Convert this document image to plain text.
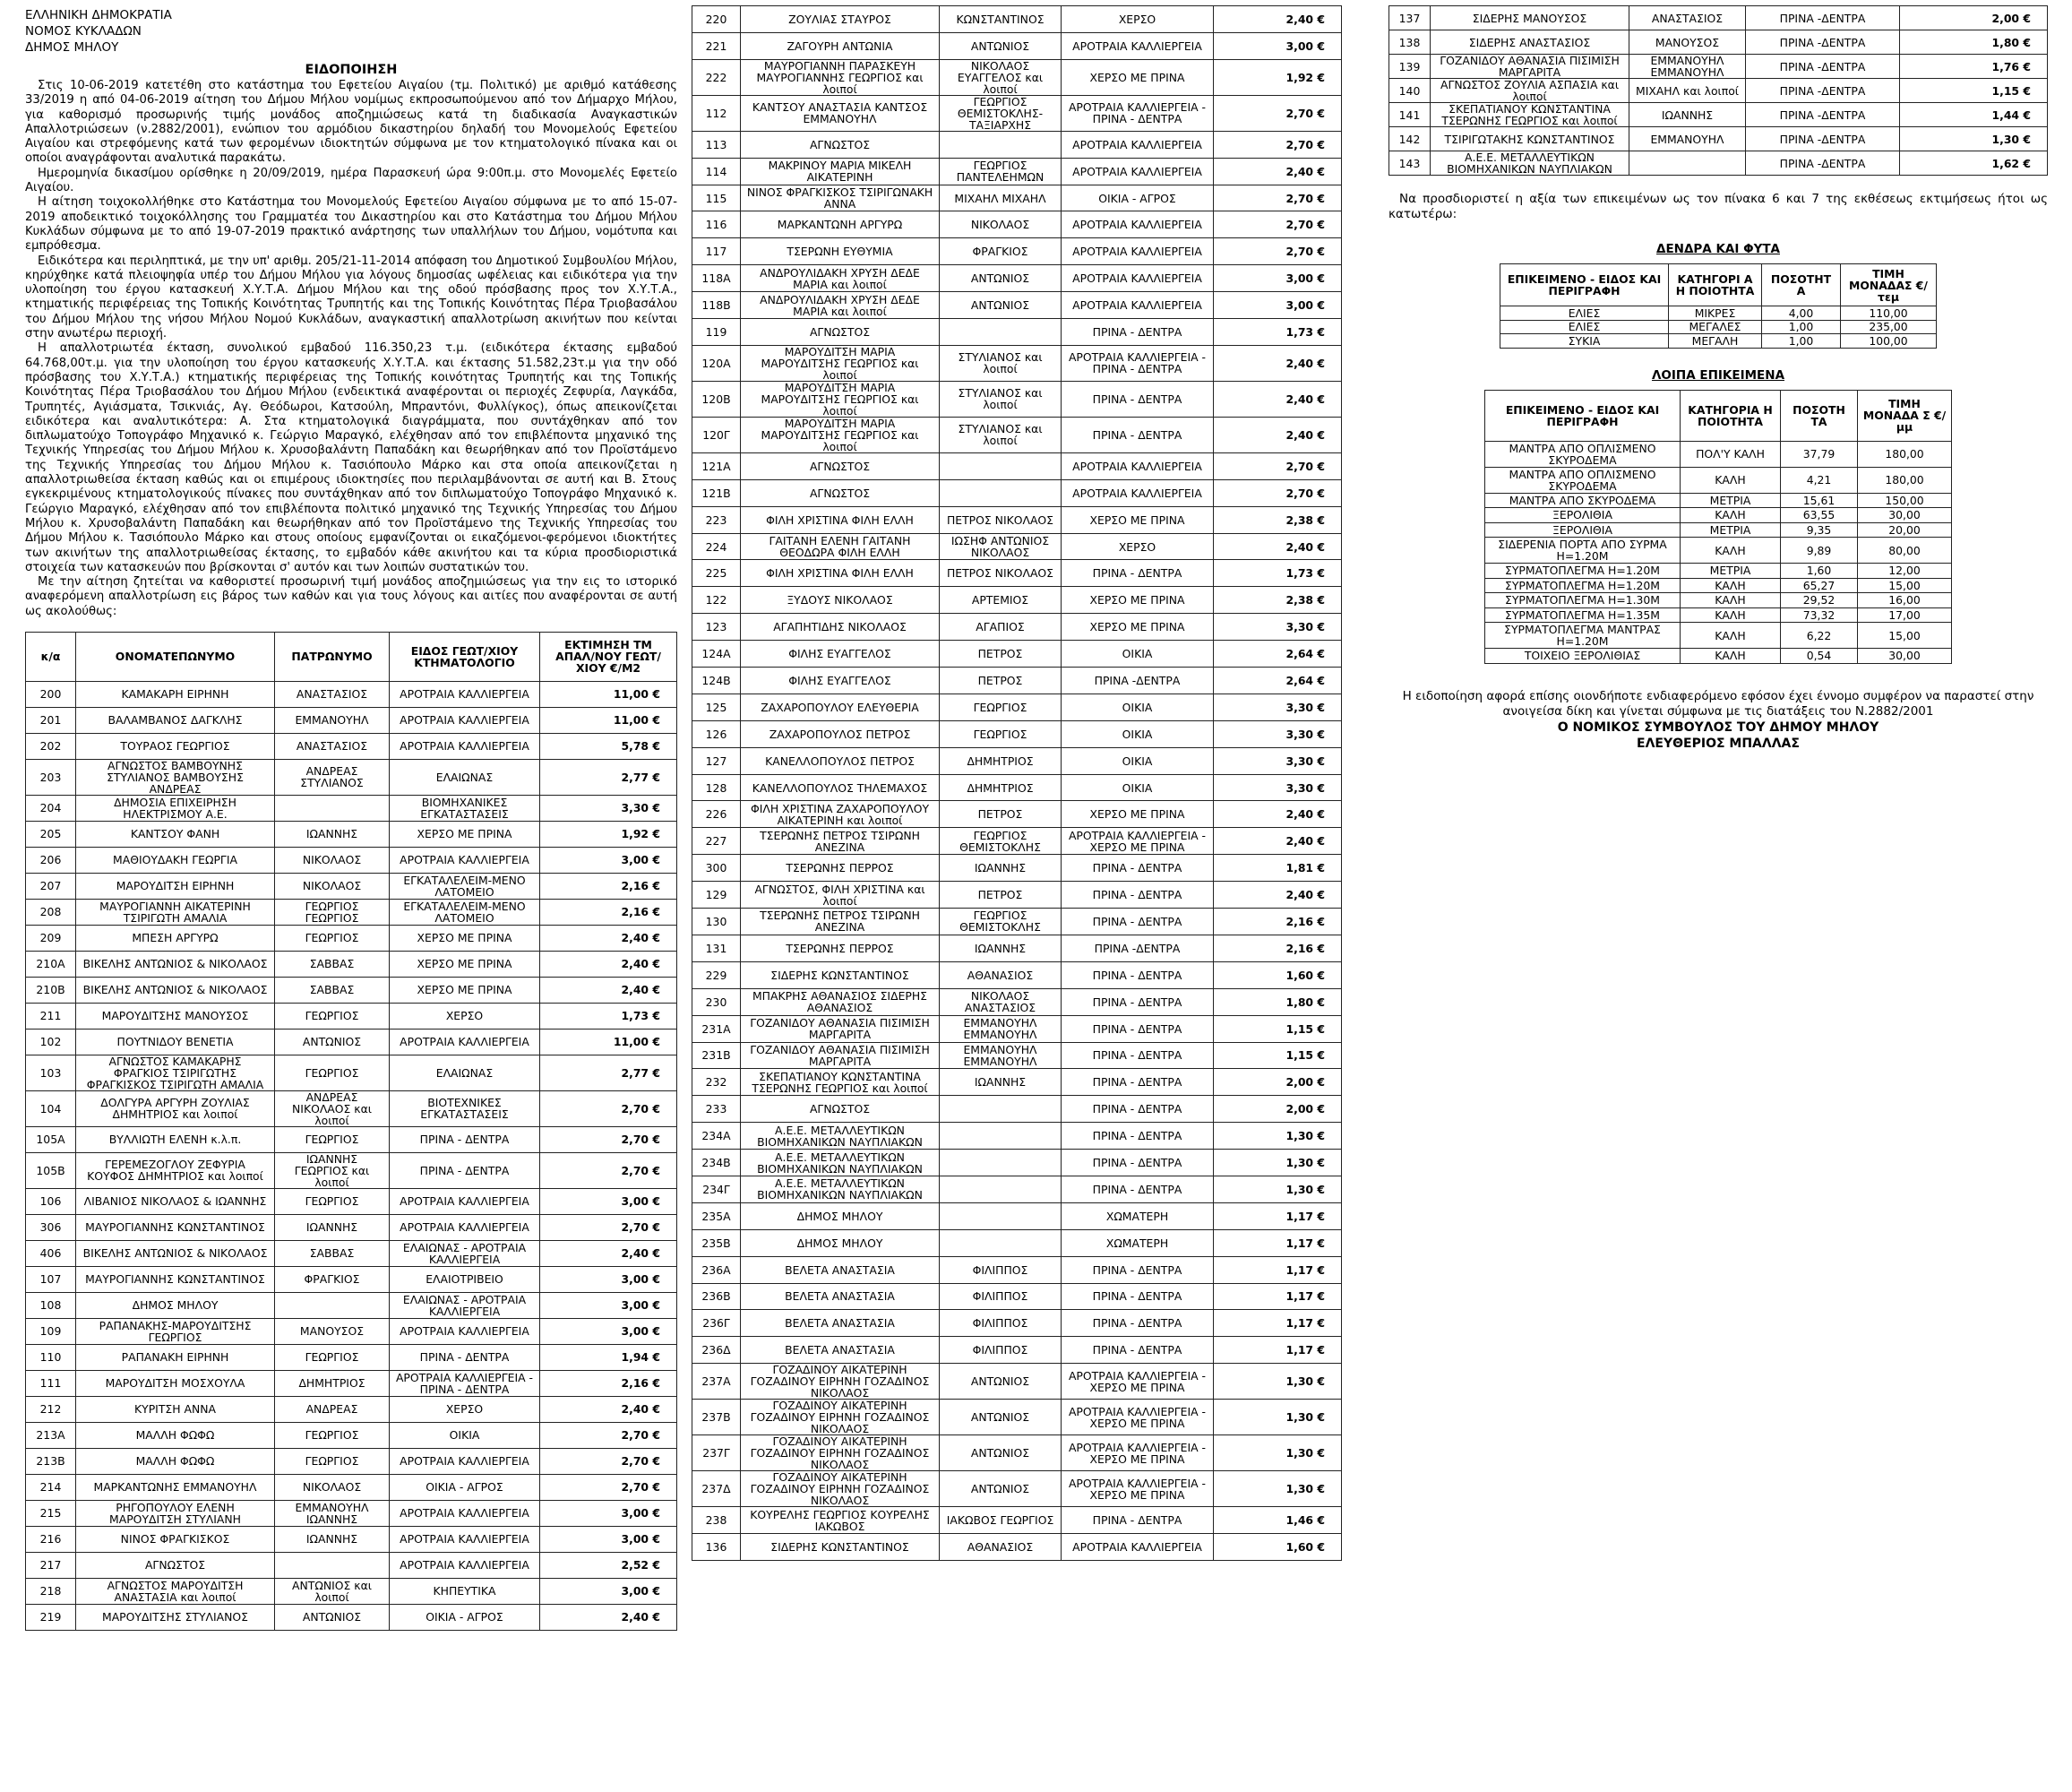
ΕΛΛΗΝΙΚΗ ΔΗΜΟΚΡΑΤΙΑ
ΝΟΜΟΣ ΚΥΚΛΑΔΩΝ
ΔΗΜΟΣ ΜΗΛΟΥ
ΕΙΔΟΠΟΙΗΣΗ

Στις 10-06-2019 κατετέθη στο κατάστημα του Εφετείου Αιγαίου (τμ. Πολιτικό) με αριθμό κατάθεσης 33/2019 η από 04-06-2019 αίτηση του Δήμου Μήλου νομίμως εκπροσωπούμενου από τον Δήμαρχο Μήλου, για καθορισμό προσωρινής τιμής μονάδος αποζημιώσεως κατά τη διαδικασία Αναγκαστικών Απαλλοτριώσεων (ν.2882/2001), ενώπιον του αρμόδιου δικαστηρίου δηλαδή του Μονομελούς Εφετείου Αιγαίου και στρεφόμενης κατά των φερομένων ιδιοκτητών σύμφωνα με τον κτηματολογικό πίνακα και οι οποίοι αναγράφονται αναλυτικά παρακάτω.

Ημερομηνία δικασίμου ορίσθηκε η 20/09/2019, ημέρα Παρασκευή ώρα 9:00π.μ. στο Μονομελές Εφετείο Αιγαίου.

Η αίτηση τοιχοκολλήθηκε στο Κατάστημα του Μονομελούς Εφετείου Αιγαίου σύμφωνα με το από 15-07-2019 αποδεικτικό τοιχοκόλλησης του Γραμματέα του Δικαστηρίου και στο Κατάστημα του Δήμου Μήλου Κυκλάδων σύμφωνα με το από 19-07-2019 πρακτικό ανάρτησης των υπαλλήλων του Δήμου, νομότυπα και εμπρόθεσμα.

Ειδικότερα και περιληπτικά, με την υπ' αριθμ. 205/21-11-2014 απόφαση του Δημοτικού Συμβουλίου Μήλου, κηρύχθηκε κατά πλειοψηφία υπέρ του Δήμου Μήλου για λόγους δημοσίας ωφέλειας και ειδικότερα για την υλοποίηση του έργου κατασκευή Χ.Υ.Τ.Α. Δήμου Μήλου και της οδού πρόσβασης προς τον Χ.Υ.Τ.Α., κτηματικής περιφέρειας της Τοπικής Κοινότητας Τρυπητής και της Τοπικής Κοινότητας Πέρα Τριοβασάλου του Δήμου Μήλου της νήσου Μήλου Νομού Κυκλάδων, αναγκαστική απαλλοτρίωση ακινήτων που κείνται στην ανωτέρω περιοχή.

Η απαλλοτριωτέα έκταση, συνολικού εμβαδού 116.350,23 τ.μ. (ειδικότερα έκτασης εμβαδού 64.768,00τ.μ. για την υλοποίηση του έργου κατασκευής Χ.Υ.Τ.Α. και έκτασης 51.582,23τ.μ για την οδό πρόσβασης του Χ.Υ.Τ.Α.) κτηματικής περιφέρειας της Τοπικής κοινότητας Τρυπητής και της Τοπικής Κοινότητας Πέρα Τριοβασάλου του Δήμου Μήλου (ενδεικτικά αναφέρονται οι περιοχές Ζεφυρία, Λαγκάδα, Τρυπητές, Αγιάσματα, Τσικνιάς, Αγ. Θεόδωροι, Κατσούλη, Μπραντόνι, Φυλλίγκος), όπως απεικονίζεται ειδικότερα και αναλυτικότερα: Α. Στα κτηματολογικά διαγράμματα, που συντάχθηκαν από τον διπλωματούχο Τοπογράφο Μηχανικό κ. Γεώργιο Μαραγκό, ελέχθησαν από τον επιβλέποντα μηχανικό της Τεχνικής Υπηρεσίας του Δήμου Μήλου κ. Χρυσοβαλάντη Παπαδάκη και θεωρήθηκαν από τον Προϊστάμενο της Τεχνικής Υπηρεσίας του Δήμου Μήλου κ. Τασιόπουλο Μάρκο και στα οποία απεικονίζεται η απαλλοτριωθείσα έκταση καθώς και οι επιμέρους ιδιοκτησίες που περιλαμβάνονται σε αυτή και Β. Στους εγκεκριμένους κτηματολογικούς πίνακες που συντάχθηκαν από τον διπλωματούχο Τοπογράφο Μηχανικό κ. Γεώργιο Μαραγκό, ελέχθησαν από τον επιβλέποντα πολιτικό μηχανικό της Τεχνικής Υπηρεσίας του Δήμου Μήλου κ. Χρυσοβαλάντη Παπαδάκη και θεωρήθηκαν από τον Προϊστάμενο της Τεχνικής Υπηρεσίας του Δήμου Μήλου κ. Τασιόπουλο Μάρκο και στους οποίους εμφανίζονται οι εικαζόμενοι-φερόμενοι ιδιοκτήτες των ακινήτων της απαλλοτριωθείσας έκτασης, το εμβαδόν κάθε ακινήτου και τα κύρια προσδιοριστικά στοιχεία των κατασκευών που βρίσκονται σ' αυτόν και των λοιπών συστατικών του.

Με την αίτηση ζητείται να καθοριστεί προσωρινή τιμή μονάδος αποζημιώσεως για την εις το ιστορικό αναφερόμενη απαλλοτρίωση εις βάρος των καθών και για τους λόγους και αιτίες που αναφέρονται σε αυτή ως ακολούθως:

κ/α	ΟΝΟΜΑΤΕΠΩΝΥΜΟ	ΠΑΤΡΩΝΥΜΟ	ΕΙΔΟΣ ΓΕΩΤ/ΧΙΟΥ ΚΤΗΜΑΤΟΛΟΓΙΟ	ΕΚΤΙΜΗΣΗ ΤΜ ΑΠΑΛ/ΝΟΥ ΓΕΩΤ/ΧΙΟΥ €/Μ2
200	ΚΑΜΑΚΑΡΗ ΕΙΡΗΝΗ	ΑΝΑΣΤΑΣΙΟΣ	ΑΡΟΤΡΑΙΑ ΚΑΛΛΙΕΡΓΕΙΑ	11,00 €
201	ΒΑΛΑΜΒΑΝΟΣ ΔΑΓΚΛΗΣ	ΕΜΜΑΝΟΥΗΛ	ΑΡΟΤΡΑΙΑ ΚΑΛΛΙΕΡΓΕΙΑ	11,00 €
202	ΤΟΥΡΑΟΣ ΓΕΩΡΓΙΟΣ	ΑΝΑΣΤΑΣΙΟΣ	ΑΡΟΤΡΑΙΑ ΚΑΛΛΙΕΡΓΕΙΑ	5,78 €
203	ΑΓΝΩΣΤΟΣ ΒΑΜΒΟΥΝΗΣ ΣΤΥΛΙΑΝΟΣ ΒΑΜΒΟΥΣΗΣ ΑΝΔΡΕΑΣ	ΑΝΔΡΕΑΣ ΣΤΥΛΙΑΝΟΣ	ΕΛΑΙΩΝΑΣ	2,77 €
204	ΔΗΜΟΣΙΑ ΕΠΙΧΕΙΡΗΣΗ ΗΛΕΚΤΡΙΣΜΟΥ Α.Ε.		ΒΙΟΜΗΧΑΝΙΚΕΣ ΕΓΚΑΤΑΣΤΑΣΕΙΣ	3,30 €
205	ΚΑΝΤΣΟΥ ΦΑΝΗ	ΙΩΑΝΝΗΣ	ΧΕΡΣΟ ΜΕ ΠΡΙΝΑ	1,92 €
206	ΜΑΘΙΟΥΔΑΚΗ ΓΕΩΡΓΙΑ	ΝΙΚΟΛΑΟΣ	ΑΡΟΤΡΑΙΑ ΚΑΛΛΙΕΡΓΕΙΑ	3,00 €
207	ΜΑΡΟΥΔΙΤΣΗ ΕΙΡΗΝΗ	ΝΙΚΟΛΑΟΣ	ΕΓΚΑΤΑΛΕΛΕΙΜ-ΜΕΝΟ ΛΑΤΟΜΕΙΟ	2,16 €
208	ΜΑΥΡΟΓΙΑΝΝΗ ΑΙΚΑΤΕΡΙΝΗ ΤΣΙΡΙΓΩΤΗ ΑΜΑΛΙΑ	ΓΕΩΡΓΙΟΣ ΓΕΩΡΓΙΟΣ	ΕΓΚΑΤΑΛΕΛΕΙΜ-ΜΕΝΟ ΛΑΤΟΜΕΙΟ	2,16 €
209	ΜΠΕΣΗ ΑΡΓΥΡΩ	ΓΕΩΡΓΙΟΣ	ΧΕΡΣΟ ΜΕ ΠΡΙΝΑ	2,40 €
210Α	ΒΙΚΕΛΗΣ ΑΝΤΩΝΙΟΣ & ΝΙΚΟΛΑΟΣ	ΣΑΒΒΑΣ	ΧΕΡΣΟ ΜΕ ΠΡΙΝΑ	2,40 €
210Β	ΒΙΚΕΛΗΣ ΑΝΤΩΝΙΟΣ & ΝΙΚΟΛΑΟΣ	ΣΑΒΒΑΣ	ΧΕΡΣΟ ΜΕ ΠΡΙΝΑ	2,40 €
211	ΜΑΡΟΥΔΙΤΣΗΣ ΜΑΝΟΥΣΟΣ	ΓΕΩΡΓΙΟΣ	ΧΕΡΣΟ	1,73 €
102	ΠΟΥΤΝΙΔΟΥ ΒΕΝΕΤΙΑ	ΑΝΤΩΝΙΟΣ	ΑΡΟΤΡΑΙΑ ΚΑΛΛΙΕΡΓΕΙΑ	11,00 €
103	ΑΓΝΩΣΤΟΣ ΚΑΜΑΚΑΡΗΣ ΦΡΑΓΚΙΟΣ ΤΣΙΡΙΓΩΤΗΣ ΦΡΑΓΚΙΣΚΟΣ ΤΣΙΡΙΓΩΤΗ ΑΜΑΛΙΑ	ΓΕΩΡΓΙΟΣ	ΕΛΑΙΩΝΑΣ	2,77 €
104	ΔΟΛΓΥΡΑ ΑΡΓΥΡΗ ΖΟΥΛΙΑΣ ΔΗΜΗΤΡΙΟΣ και λοιποί	ΑΝΔΡΕΑΣ ΝΙΚΟΛΑΟΣ και λοιποί	ΒΙΟΤΕΧΝΙΚΕΣ ΕΓΚΑΤΑΣΤΑΣΕΙΣ	2,70 €
105Α	ΒΥΛΛΙΩΤΗ ΕΛΕΝΗ κ.λ.π.	ΓΕΩΡΓΙΟΣ	ΠΡΙΝΑ - ΔΕΝΤΡΑ	2,70 €
105Β	ΓΕΡΕΜΕΖΟΓΛΟΥ ΖΕΦΥΡΙΑ ΚΟΥΦΟΣ ΔΗΜΗΤΡΙΟΣ και λοιποί	ΙΩΑΝΝΗΣ ΓΕΩΡΓΙΟΣ και λοιποί	ΠΡΙΝΑ - ΔΕΝΤΡΑ	2,70 €
106	ΛΙΒΑΝΙΟΣ ΝΙΚΟΛΑΟΣ & ΙΩΑΝΝΗΣ	ΓΕΩΡΓΙΟΣ	ΑΡΟΤΡΑΙΑ ΚΑΛΛΙΕΡΓΕΙΑ	3,00 €
306	ΜΑΥΡΟΓΙΑΝΝΗΣ ΚΩΝΣΤΑΝΤΙΝΟΣ	ΙΩΑΝΝΗΣ	ΑΡΟΤΡΑΙΑ ΚΑΛΛΙΕΡΓΕΙΑ	2,70 €
406	ΒΙΚΕΛΗΣ ΑΝΤΩΝΙΟΣ & ΝΙΚΟΛΑΟΣ	ΣΑΒΒΑΣ	ΕΛΑΙΩΝΑΣ - ΑΡΟΤΡΑΙΑ ΚΑΛΛΙΕΡΓΕΙΑ	2,40 €
107	ΜΑΥΡΟΓΙΑΝΝΗΣ ΚΩΝΣΤΑΝΤΙΝΟΣ	ΦΡΑΓΚΙΟΣ	ΕΛΑΙΟΤΡΙΒΕΙΟ	3,00 €
108	ΔΗΜΟΣ ΜΗΛΟΥ		ΕΛΑΙΩΝΑΣ - ΑΡΟΤΡΑΙΑ ΚΑΛΛΙΕΡΓΕΙΑ	3,00 €
109	ΡΑΠΑΝΑΚΗΣ-ΜΑΡΟΥΔΙΤΣΗΣ ΓΕΩΡΓΙΟΣ	ΜΑΝΟΥΣΟΣ	ΑΡΟΤΡΑΙΑ ΚΑΛΛΙΕΡΓΕΙΑ	3,00 €
110	ΡΑΠΑΝΑΚΗ ΕΙΡΗΝΗ	ΓΕΩΡΓΙΟΣ	ΠΡΙΝΑ - ΔΕΝΤΡΑ	1,94 €
111	ΜΑΡΟΥΔΙΤΣΗ ΜΟΣΧΟΥΛΑ	ΔΗΜΗΤΡΙΟΣ	ΑΡΟΤΡΑΙΑ ΚΑΛΛΙΕΡΓΕΙΑ - ΠΡΙΝΑ - ΔΕΝΤΡΑ	2,16 €
212	ΚΥΡΙΤΣΗ ΑΝΝΑ	ΑΝΔΡΕΑΣ	ΧΕΡΣΟ	2,40 €
213Α	ΜΑΛΛΗ ΦΩΦΩ	ΓΕΩΡΓΙΟΣ	ΟΙΚΙΑ	2,70 €
213Β	ΜΑΛΛΗ ΦΩΦΩ	ΓΕΩΡΓΙΟΣ	ΑΡΟΤΡΑΙΑ ΚΑΛΛΙΕΡΓΕΙΑ	2,70 €
214	ΜΑΡΚΑΝΤΩΝΗΣ ΕΜΜΑΝΟΥΗΛ	ΝΙΚΟΛΑΟΣ	ΟΙΚΙΑ - ΑΓΡΟΣ	2,70 €
215	ΡΗΓΟΠΟΥΛΟΥ ΕΛΕΝΗ ΜΑΡΟΥΔΙΤΣΗ ΣΤΥΛΙΑΝΗ	ΕΜΜΑΝΟΥΗΛ ΙΩΑΝΝΗΣ	ΑΡΟΤΡΑΙΑ ΚΑΛΛΙΕΡΓΕΙΑ	3,00 €
216	ΝΙΝΟΣ ΦΡΑΓΚΙΣΚΟΣ	ΙΩΑΝΝΗΣ	ΑΡΟΤΡΑΙΑ ΚΑΛΛΙΕΡΓΕΙΑ	3,00 €
217	ΑΓΝΩΣΤΟΣ		ΑΡΟΤΡΑΙΑ ΚΑΛΛΙΕΡΓΕΙΑ	2,52 €
218	ΑΓΝΩΣΤΟΣ ΜΑΡΟΥΔΙΤΣΗ ΑΝΑΣΤΑΣΙΑ και λοιποί	ΑΝΤΩΝΙΟΣ και λοιποί	ΚΗΠΕΥΤΙΚΑ	3,00 €
219	ΜΑΡΟΥΔΙΤΣΗΣ ΣΤΥΛΙΑΝΟΣ	ΑΝΤΩΝΙΟΣ	ΟΙΚΙΑ - ΑΓΡΟΣ	2,40 €
220	ΖΟΥΛΙΑΣ ΣΤΑΥΡΟΣ	ΚΩΝΣΤΑΝΤΙΝΟΣ	ΧΕΡΣΟ	2,40 €
221	ΖΑΓΟΥΡΗ ΑΝΤΩΝΙΑ	ΑΝΤΩΝΙΟΣ	ΑΡΟΤΡΑΙΑ ΚΑΛΛΙΕΡΓΕΙΑ	3,00 €
222	ΜΑΥΡΟΓΙΑΝΝΗ ΠΑΡΑΣΚΕΥΗ ΜΑΥΡΟΓΙΑΝΝΗΣ ΓΕΩΡΓΙΟΣ και λοιποί	ΝΙΚΟΛΑΟΣ ΕΥΑΓΓΕΛΟΣ και λοιποί	ΧΕΡΣΟ ΜΕ ΠΡΙΝΑ	1,92 €
112	ΚΑΝΤΣΟΥ ΑΝΑΣΤΑΣΙΑ ΚΑΝΤΣΟΣ ΕΜΜΑΝΟΥΗΛ	ΓΕΩΡΓΙΟΣ ΘΕΜΙΣΤΟΚΛΗΣ-ΤΑΞΙΑΡΧΗΣ	ΑΡΟΤΡΑΙΑ ΚΑΛΛΙΕΡΓΕΙΑ - ΠΡΙΝΑ - ΔΕΝΤΡΑ	2,70 €
113	ΑΓΝΩΣΤΟΣ		ΑΡΟΤΡΑΙΑ ΚΑΛΛΙΕΡΓΕΙΑ	2,70 €
114	ΜΑΚΡΙΝΟΥ ΜΑΡΙΑ ΜΙΚΕΛΗ ΑΙΚΑΤΕΡΙΝΗ	ΓΕΩΡΓΙΟΣ ΠΑΝΤΕΛΕΗΜΩΝ	ΑΡΟΤΡΑΙΑ ΚΑΛΛΙΕΡΓΕΙΑ	2,40 €
115	ΝΙΝΟΣ ΦΡΑΓΚΙΣΚΟΣ ΤΣΙΡΙΓΩΝΑΚΗ ΑΝΝΑ	ΜΙΧΑΗΛ ΜΙΧΑΗΛ	ΟΙΚΙΑ - ΑΓΡΟΣ	2,70 €
116	ΜΑΡΚΑΝΤΩΝΗ ΑΡΓΥΡΩ	ΝΙΚΟΛΑΟΣ	ΑΡΟΤΡΑΙΑ ΚΑΛΛΙΕΡΓΕΙΑ	2,70 €
117	ΤΣΕΡΩΝΗ ΕΥΘΥΜΙΑ	ΦΡΑΓΚΙΟΣ	ΑΡΟΤΡΑΙΑ ΚΑΛΛΙΕΡΓΕΙΑ	2,70 €
118Α	ΑΝΔΡΟΥΛΙΔΑΚΗ ΧΡΥΣΗ ΔΕΔΕ ΜΑΡΙΑ και λοιποί	ΑΝΤΩΝΙΟΣ	ΑΡΟΤΡΑΙΑ ΚΑΛΛΙΕΡΓΕΙΑ	3,00 €
118Β	ΑΝΔΡΟΥΛΙΔΑΚΗ ΧΡΥΣΗ ΔΕΔΕ ΜΑΡΙΑ και λοιποί	ΑΝΤΩΝΙΟΣ	ΑΡΟΤΡΑΙΑ ΚΑΛΛΙΕΡΓΕΙΑ	3,00 €
119	ΑΓΝΩΣΤΟΣ		ΠΡΙΝΑ - ΔΕΝΤΡΑ	1,73 €
120Α	ΜΑΡΟΥΔΙΤΣΗ ΜΑΡΙΑ ΜΑΡΟΥΔΙΤΣΗΣ ΓΕΩΡΓΙΟΣ και λοιποί	ΣΤΥΛΙΑΝΟΣ και λοιποί	ΑΡΟΤΡΑΙΑ ΚΑΛΛΙΕΡΓΕΙΑ - ΠΡΙΝΑ - ΔΕΝΤΡΑ	2,40 €
120Β	ΜΑΡΟΥΔΙΤΣΗ ΜΑΡΙΑ ΜΑΡΟΥΔΙΤΣΗΣ ΓΕΩΡΓΙΟΣ και λοιποί	ΣΤΥΛΙΑΝΟΣ και λοιποί	ΠΡΙΝΑ - ΔΕΝΤΡΑ	2,40 €
120Γ	ΜΑΡΟΥΔΙΤΣΗ ΜΑΡΙΑ ΜΑΡΟΥΔΙΤΣΗΣ ΓΕΩΡΓΙΟΣ και λοιποί	ΣΤΥΛΙΑΝΟΣ και λοιποί	ΠΡΙΝΑ - ΔΕΝΤΡΑ	2,40 €
121Α	ΑΓΝΩΣΤΟΣ		ΑΡΟΤΡΑΙΑ ΚΑΛΛΙΕΡΓΕΙΑ	2,70 €
121Β	ΑΓΝΩΣΤΟΣ		ΑΡΟΤΡΑΙΑ ΚΑΛΛΙΕΡΓΕΙΑ	2,70 €
223	ΦΙΛΗ ΧΡΙΣΤΙΝΑ ΦΙΛΗ ΕΛΛΗ	ΠΕΤΡΟΣ ΝΙΚΟΛΑΟΣ	ΧΕΡΣΟ ΜΕ ΠΡΙΝΑ	2,38 €
224	ΓΑΙΤΑΝΗ ΕΛΕΝΗ ΓΑΙΤΑΝΗ ΘΕΟΔΩΡΑ ΦΙΛΗ ΕΛΛΗ	ΙΩΣΗΦ ΑΝΤΩΝΙΟΣ ΝΙΚΟΛΑΟΣ	ΧΕΡΣΟ	2,40 €
225	ΦΙΛΗ ΧΡΙΣΤΙΝΑ ΦΙΛΗ ΕΛΛΗ	ΠΕΤΡΟΣ ΝΙΚΟΛΑΟΣ	ΠΡΙΝΑ - ΔΕΝΤΡΑ	1,73 €
122	ΞΥΔΟΥΣ ΝΙΚΟΛΑΟΣ	ΑΡΤΕΜΙΟΣ	ΧΕΡΣΟ ΜΕ ΠΡΙΝΑ	2,38 €
123	ΑΓΑΠΗΤΙΔΗΣ ΝΙΚΟΛΑΟΣ	ΑΓΑΠΙΟΣ	ΧΕΡΣΟ ΜΕ ΠΡΙΝΑ	3,30 €
124Α	ΦΙΛΗΣ ΕΥΑΓΓΕΛΟΣ	ΠΕΤΡΟΣ	ΟΙΚΙΑ	2,64 €
124Β	ΦΙΛΗΣ ΕΥΑΓΓΕΛΟΣ	ΠΕΤΡΟΣ	ΠΡΙΝΑ -ΔΕΝΤΡΑ	2,64 €
125	ΖΑΧΑΡΟΠΟΥΛΟΥ ΕΛΕΥΘΕΡΙΑ	ΓΕΩΡΓΙΟΣ	ΟΙΚΙΑ	3,30 €
126	ΖΑΧΑΡΟΠΟΥΛΟΣ ΠΕΤΡΟΣ	ΓΕΩΡΓΙΟΣ	ΟΙΚΙΑ	3,30 €
127	ΚΑΝΕΛΛΟΠΟΥΛΟΣ ΠΕΤΡΟΣ	ΔΗΜΗΤΡΙΟΣ	ΟΙΚΙΑ	3,30 €
128	ΚΑΝΕΛΛΟΠΟΥΛΟΣ ΤΗΛΕΜΑΧΟΣ	ΔΗΜΗΤΡΙΟΣ	ΟΙΚΙΑ	3,30 €
226	ΦΙΛΗ ΧΡΙΣΤΙΝΑ ΖΑΧΑΡΟΠΟΥΛΟΥ ΑΙΚΑΤΕΡΙΝΗ και λοιποί	ΠΕΤΡΟΣ	ΧΕΡΣΟ ΜΕ ΠΡΙΝΑ	2,40 €
227	ΤΣΕΡΩΝΗΣ ΠΕΤΡΟΣ ΤΣΙΡΩΝΗ ΑΝΕΖΙΝΑ	ΓΕΩΡΓΙΟΣ ΘΕΜΙΣΤΟΚΛΗΣ	ΑΡΟΤΡΑΙΑ ΚΑΛΛΙΕΡΓΕΙΑ - ΧΕΡΣΟ ΜΕ ΠΡΙΝΑ	2,40 €
300	ΤΣΕΡΩΝΗΣ ΠΕΡΡΟΣ	ΙΩΑΝΝΗΣ	ΠΡΙΝΑ - ΔΕΝΤΡΑ	1,81 €
129	ΑΓΝΩΣΤΟΣ, ΦΙΛΗ ΧΡΙΣΤΙΝΑ και λοιποί	ΠΕΤΡΟΣ	ΠΡΙΝΑ - ΔΕΝΤΡΑ	2,40 €
130	ΤΣΕΡΩΝΗΣ ΠΕΤΡΟΣ ΤΣΙΡΩΝΗ ΑΝΕΖΙΝΑ	ΓΕΩΡΓΙΟΣ ΘΕΜΙΣΤΟΚΛΗΣ	ΠΡΙΝΑ - ΔΕΝΤΡΑ	2,16 €
131	ΤΣΕΡΩΝΗΣ ΠΕΡΡΟΣ	ΙΩΑΝΝΗΣ	ΠΡΙΝΑ -ΔΕΝΤΡΑ	2,16 €
229	ΣΙΔΕΡΗΣ ΚΩΝΣΤΑΝΤΙΝΟΣ	ΑΘΑΝΑΣΙΟΣ	ΠΡΙΝΑ - ΔΕΝΤΡΑ	1,60 €
230	ΜΠΑΚΡΗΣ ΑΘΑΝΑΣΙΟΣ ΣΙΔΕΡΗΣ ΑΘΑΝΑΣΙΟΣ	ΝΙΚΟΛΑΟΣ ΑΝΑΣΤΑΣΙΟΣ	ΠΡΙΝΑ - ΔΕΝΤΡΑ	1,80 €
231Α	ΓΟΖΑΝΙΔΟΥ ΑΘΑΝΑΣΙΑ ΠΙΣΙΜΙΣΗ ΜΑΡΓΑΡΙΤΑ	ΕΜΜΑΝΟΥΗΛ ΕΜΜΑΝΟΥΗΛ	ΠΡΙΝΑ - ΔΕΝΤΡΑ	1,15 €
231Β	ΓΟΖΑΝΙΔΟΥ ΑΘΑΝΑΣΙΑ ΠΙΣΙΜΙΣΗ ΜΑΡΓΑΡΙΤΑ	ΕΜΜΑΝΟΥΗΛ ΕΜΜΑΝΟΥΗΛ	ΠΡΙΝΑ - ΔΕΝΤΡΑ	1,15 €
232	ΣΚΕΠΑΤΙΑΝΟΥ ΚΩΝΣΤΑΝΤΙΝΑ ΤΣΕΡΩΝΗΣ ΓΕΩΡΓΙΟΣ και λοιποί	ΙΩΑΝΝΗΣ	ΠΡΙΝΑ - ΔΕΝΤΡΑ	2,00 €
233	ΑΓΝΩΣΤΟΣ		ΠΡΙΝΑ - ΔΕΝΤΡΑ	2,00 €
234Α	Α.Ε.Ε. ΜΕΤΑΛΛΕΥΤΙΚΩΝ ΒΙΟΜΗΧΑΝΙΚΩΝ ΝΑΥΠΛΙΑΚΩΝ		ΠΡΙΝΑ - ΔΕΝΤΡΑ	1,30 €
234Β	Α.Ε.Ε. ΜΕΤΑΛΛΕΥΤΙΚΩΝ ΒΙΟΜΗΧΑΝΙΚΩΝ ΝΑΥΠΛΙΑΚΩΝ		ΠΡΙΝΑ - ΔΕΝΤΡΑ	1,30 €
234Γ	Α.Ε.Ε. ΜΕΤΑΛΛΕΥΤΙΚΩΝ ΒΙΟΜΗΧΑΝΙΚΩΝ ΝΑΥΠΛΙΑΚΩΝ		ΠΡΙΝΑ - ΔΕΝΤΡΑ	1,30 €
235Α	ΔΗΜΟΣ ΜΗΛΟΥ		ΧΩΜΑΤΕΡΗ	1,17 €
235Β	ΔΗΜΟΣ ΜΗΛΟΥ		ΧΩΜΑΤΕΡΗ	1,17 €
236Α	ΒΕΛΕΤΑ ΑΝΑΣΤΑΣΙΑ	ΦΙΛΙΠΠΟΣ	ΠΡΙΝΑ - ΔΕΝΤΡΑ	1,17 €
236Β	ΒΕΛΕΤΑ ΑΝΑΣΤΑΣΙΑ	ΦΙΛΙΠΠΟΣ	ΠΡΙΝΑ - ΔΕΝΤΡΑ	1,17 €
236Γ	ΒΕΛΕΤΑ ΑΝΑΣΤΑΣΙΑ	ΦΙΛΙΠΠΟΣ	ΠΡΙΝΑ - ΔΕΝΤΡΑ	1,17 €
236Δ	ΒΕΛΕΤΑ ΑΝΑΣΤΑΣΙΑ	ΦΙΛΙΠΠΟΣ	ΠΡΙΝΑ - ΔΕΝΤΡΑ	1,17 €
237Α	ΓΟΖΑΔΙΝΟΥ ΑΙΚΑΤΕΡΙΝΗ ΓΟΖΑΔΙΝΟΥ ΕΙΡΗΝΗ ΓΟΖΑΔΙΝΟΣ ΝΙΚΟΛΑΟΣ	ΑΝΤΩΝΙΟΣ	ΑΡΟΤΡΑΙΑ ΚΑΛΛΙΕΡΓΕΙΑ - ΧΕΡΣΟ ΜΕ ΠΡΙΝΑ	1,30 €
237Β	ΓΟΖΑΔΙΝΟΥ ΑΙΚΑΤΕΡΙΝΗ ΓΟΖΑΔΙΝΟΥ ΕΙΡΗΝΗ ΓΟΖΑΔΙΝΟΣ ΝΙΚΟΛΑΟΣ	ΑΝΤΩΝΙΟΣ	ΑΡΟΤΡΑΙΑ ΚΑΛΛΙΕΡΓΕΙΑ - ΧΕΡΣΟ ΜΕ ΠΡΙΝΑ	1,30 €
237Γ	ΓΟΖΑΔΙΝΟΥ ΑΙΚΑΤΕΡΙΝΗ ΓΟΖΑΔΙΝΟΥ ΕΙΡΗΝΗ ΓΟΖΑΔΙΝΟΣ ΝΙΚΟΛΑΟΣ	ΑΝΤΩΝΙΟΣ	ΑΡΟΤΡΑΙΑ ΚΑΛΛΙΕΡΓΕΙΑ - ΧΕΡΣΟ ΜΕ ΠΡΙΝΑ	1,30 €
237Δ	ΓΟΖΑΔΙΝΟΥ ΑΙΚΑΤΕΡΙΝΗ ΓΟΖΑΔΙΝΟΥ ΕΙΡΗΝΗ ΓΟΖΑΔΙΝΟΣ ΝΙΚΟΛΑΟΣ	ΑΝΤΩΝΙΟΣ	ΑΡΟΤΡΑΙΑ ΚΑΛΛΙΕΡΓΕΙΑ - ΧΕΡΣΟ ΜΕ ΠΡΙΝΑ	1,30 €
238	ΚΟΥΡΕΛΗΣ ΓΕΩΡΓΙΟΣ ΚΟΥΡΕΛΗΣ ΙΑΚΩΒΟΣ	ΙΑΚΩΒΟΣ ΓΕΩΡΓΙΟΣ	ΠΡΙΝΑ - ΔΕΝΤΡΑ	1,46 €
136	ΣΙΔΕΡΗΣ ΚΩΝΣΤΑΝΤΙΝΟΣ	ΑΘΑΝΑΣΙΟΣ	ΑΡΟΤΡΑΙΑ ΚΑΛΛΙΕΡΓΕΙΑ	1,60 €
137	ΣΙΔΕΡΗΣ ΜΑΝΟΥΣΟΣ	ΑΝΑΣΤΑΣΙΟΣ	ΠΡΙΝΑ -ΔΕΝΤΡΑ	2,00 €
138	ΣΙΔΕΡΗΣ ΑΝΑΣΤΑΣΙΟΣ	ΜΑΝΟΥΣΟΣ	ΠΡΙΝΑ -ΔΕΝΤΡΑ	1,80 €
139	ΓΟΖΑΝΙΔΟΥ ΑΘΑΝΑΣΙΑ ΠΙΣΙΜΙΣΗ ΜΑΡΓΑΡΙΤΑ	ΕΜΜΑΝΟΥΗΛ ΕΜΜΑΝΟΥΗΛ	ΠΡΙΝΑ -ΔΕΝΤΡΑ	1,76 €
140	ΑΓΝΩΣΤΟΣ ΖΟΥΛΙΑ ΑΣΠΑΣΙΑ και λοιποί	ΜΙΧΑΗΛ και λοιποί	ΠΡΙΝΑ -ΔΕΝΤΡΑ	1,15 €
141	ΣΚΕΠΑΤΙΑΝΟΥ ΚΩΝΣΤΑΝΤΙΝΑ ΤΣΕΡΩΝΗΣ ΓΕΩΡΓΙΟΣ και λοιποί	ΙΩΑΝΝΗΣ	ΠΡΙΝΑ -ΔΕΝΤΡΑ	1,44 €
142	ΤΣΙΡΙΓΩΤΑΚΗΣ ΚΩΝΣΤΑΝΤΙΝΟΣ	ΕΜΜΑΝΟΥΗΛ	ΠΡΙΝΑ -ΔΕΝΤΡΑ	1,30 €
143	Α.Ε.Ε. ΜΕΤΑΛΛΕΥΤΙΚΩΝ ΒΙΟΜΗΧΑΝΙΚΩΝ ΝΑΥΠΛΙΑΚΩΝ		ΠΡΙΝΑ -ΔΕΝΤΡΑ	1,62 €

Να προσδιοριστεί η αξία των επικειμένων ως τον πίνακα 6 και 7 της εκθέσεως εκτιμήσεως ήτοι ως κατωτέρω:

ΔΕΝΔΡΑ ΚΑΙ ΦΥΤΑ
ΕΠΙΚΕΙΜΕΝΟ - ΕΙΔΟΣ ΚΑΙ ΠΕΡΙΓΡΑΦΗ	ΚΑΤΗΓΟΡΙ Α Η ΠΟΙΟΤΗΤΑ	ΠΟΣΟΤΗΤ Α	ΤΙΜΗ ΜΟΝΑΔΑΣ €/τεμ
ΕΛΙΕΣ	ΜΙΚΡΕΣ	4,00	110,00
ΕΛΙΕΣ	ΜΕΓΑΛΕΣ	1,00	235,00
ΣΥΚΙΑ	ΜΕΓΑΛΗ	1,00	100,00
ΛΟΙΠΑ ΕΠΙΚΕΙΜΕΝΑ
ΕΠΙΚΕΙΜΕΝΟ - ΕΙΔΟΣ ΚΑΙ ΠΕΡΙΓΡΑΦΗ	ΚΑΤΗΓΟΡΙΑ Η ΠΟΙΟΤΗΤΑ	ΠΟΣΟΤΗ ΤΑ	ΤΙΜΗ ΜΟΝΑΔΑ Σ €/μμ
ΜΑΝΤΡΑ ΑΠΟ ΟΠΛΙΣΜΕΝΟ ΣΚΥΡΟΔΕΜΑ	ΠΟΛ'Υ ΚΑΛΗ	37,79	180,00
ΜΑΝΤΡΑ ΑΠΟ ΟΠΛΙΣΜΕΝΟ ΣΚΥΡΟΔΕΜΑ	ΚΑΛΗ	4,21	180,00
ΜΑΝΤΡΑ ΑΠΟ ΣΚΥΡΟΔΕΜΑ	ΜΕΤΡΙΑ	15,61	150,00
ΞΕΡΟΛΙΘΙΑ	ΚΑΛΗ	63,55	30,00
ΞΕΡΟΛΙΘΙΑ	ΜΕΤΡΙΑ	9,35	20,00
ΣΙΔΕΡΕΝΙΑ ΠΟΡΤΑ ΑΠΟ ΣΥΡΜΑ Η=1.20Μ	ΚΑΛΗ	9,89	80,00
ΣΥΡΜΑΤΟΠΛΕΓΜΑ Η=1.20Μ	ΜΕΤΡΙΑ	1,60	12,00
ΣΥΡΜΑΤΟΠΛΕΓΜΑ Η=1.20Μ	ΚΑΛΗ	65,27	15,00
ΣΥΡΜΑΤΟΠΛΕΓΜΑ Η=1.30Μ	ΚΑΛΗ	29,52	16,00
ΣΥΡΜΑΤΟΠΛΕΓΜΑ Η=1.35Μ	ΚΑΛΗ	73,32	17,00
ΣΥΡΜΑΤΟΠΛΕΓΜΑ ΜΑΝΤΡΑΣ Η=1.20Μ	ΚΑΛΗ	6,22	15,00
ΤΟΙΧΕΙΟ ΞΕΡΟΛΙΘΙΑΣ	ΚΑΛΗ	0,54	30,00
Η ειδοποίηση αφορά επίσης οιονδήποτε ενδιαφερόμενο εφόσον έχει έννομο συμφέρον να παραστεί στην ανοιγείσα δίκη και γίνεται σύμφωνα με τις διατάξεις του Ν.2882/2001
Ο ΝΟΜΙΚΟΣ ΣΥΜΒΟΥΛΟΣ ΤΟΥ ΔΗΜΟΥ ΜΗΛΟΥ
ΕΛΕΥΘΕΡΙΟΣ ΜΠΑΛΛΑΣ
